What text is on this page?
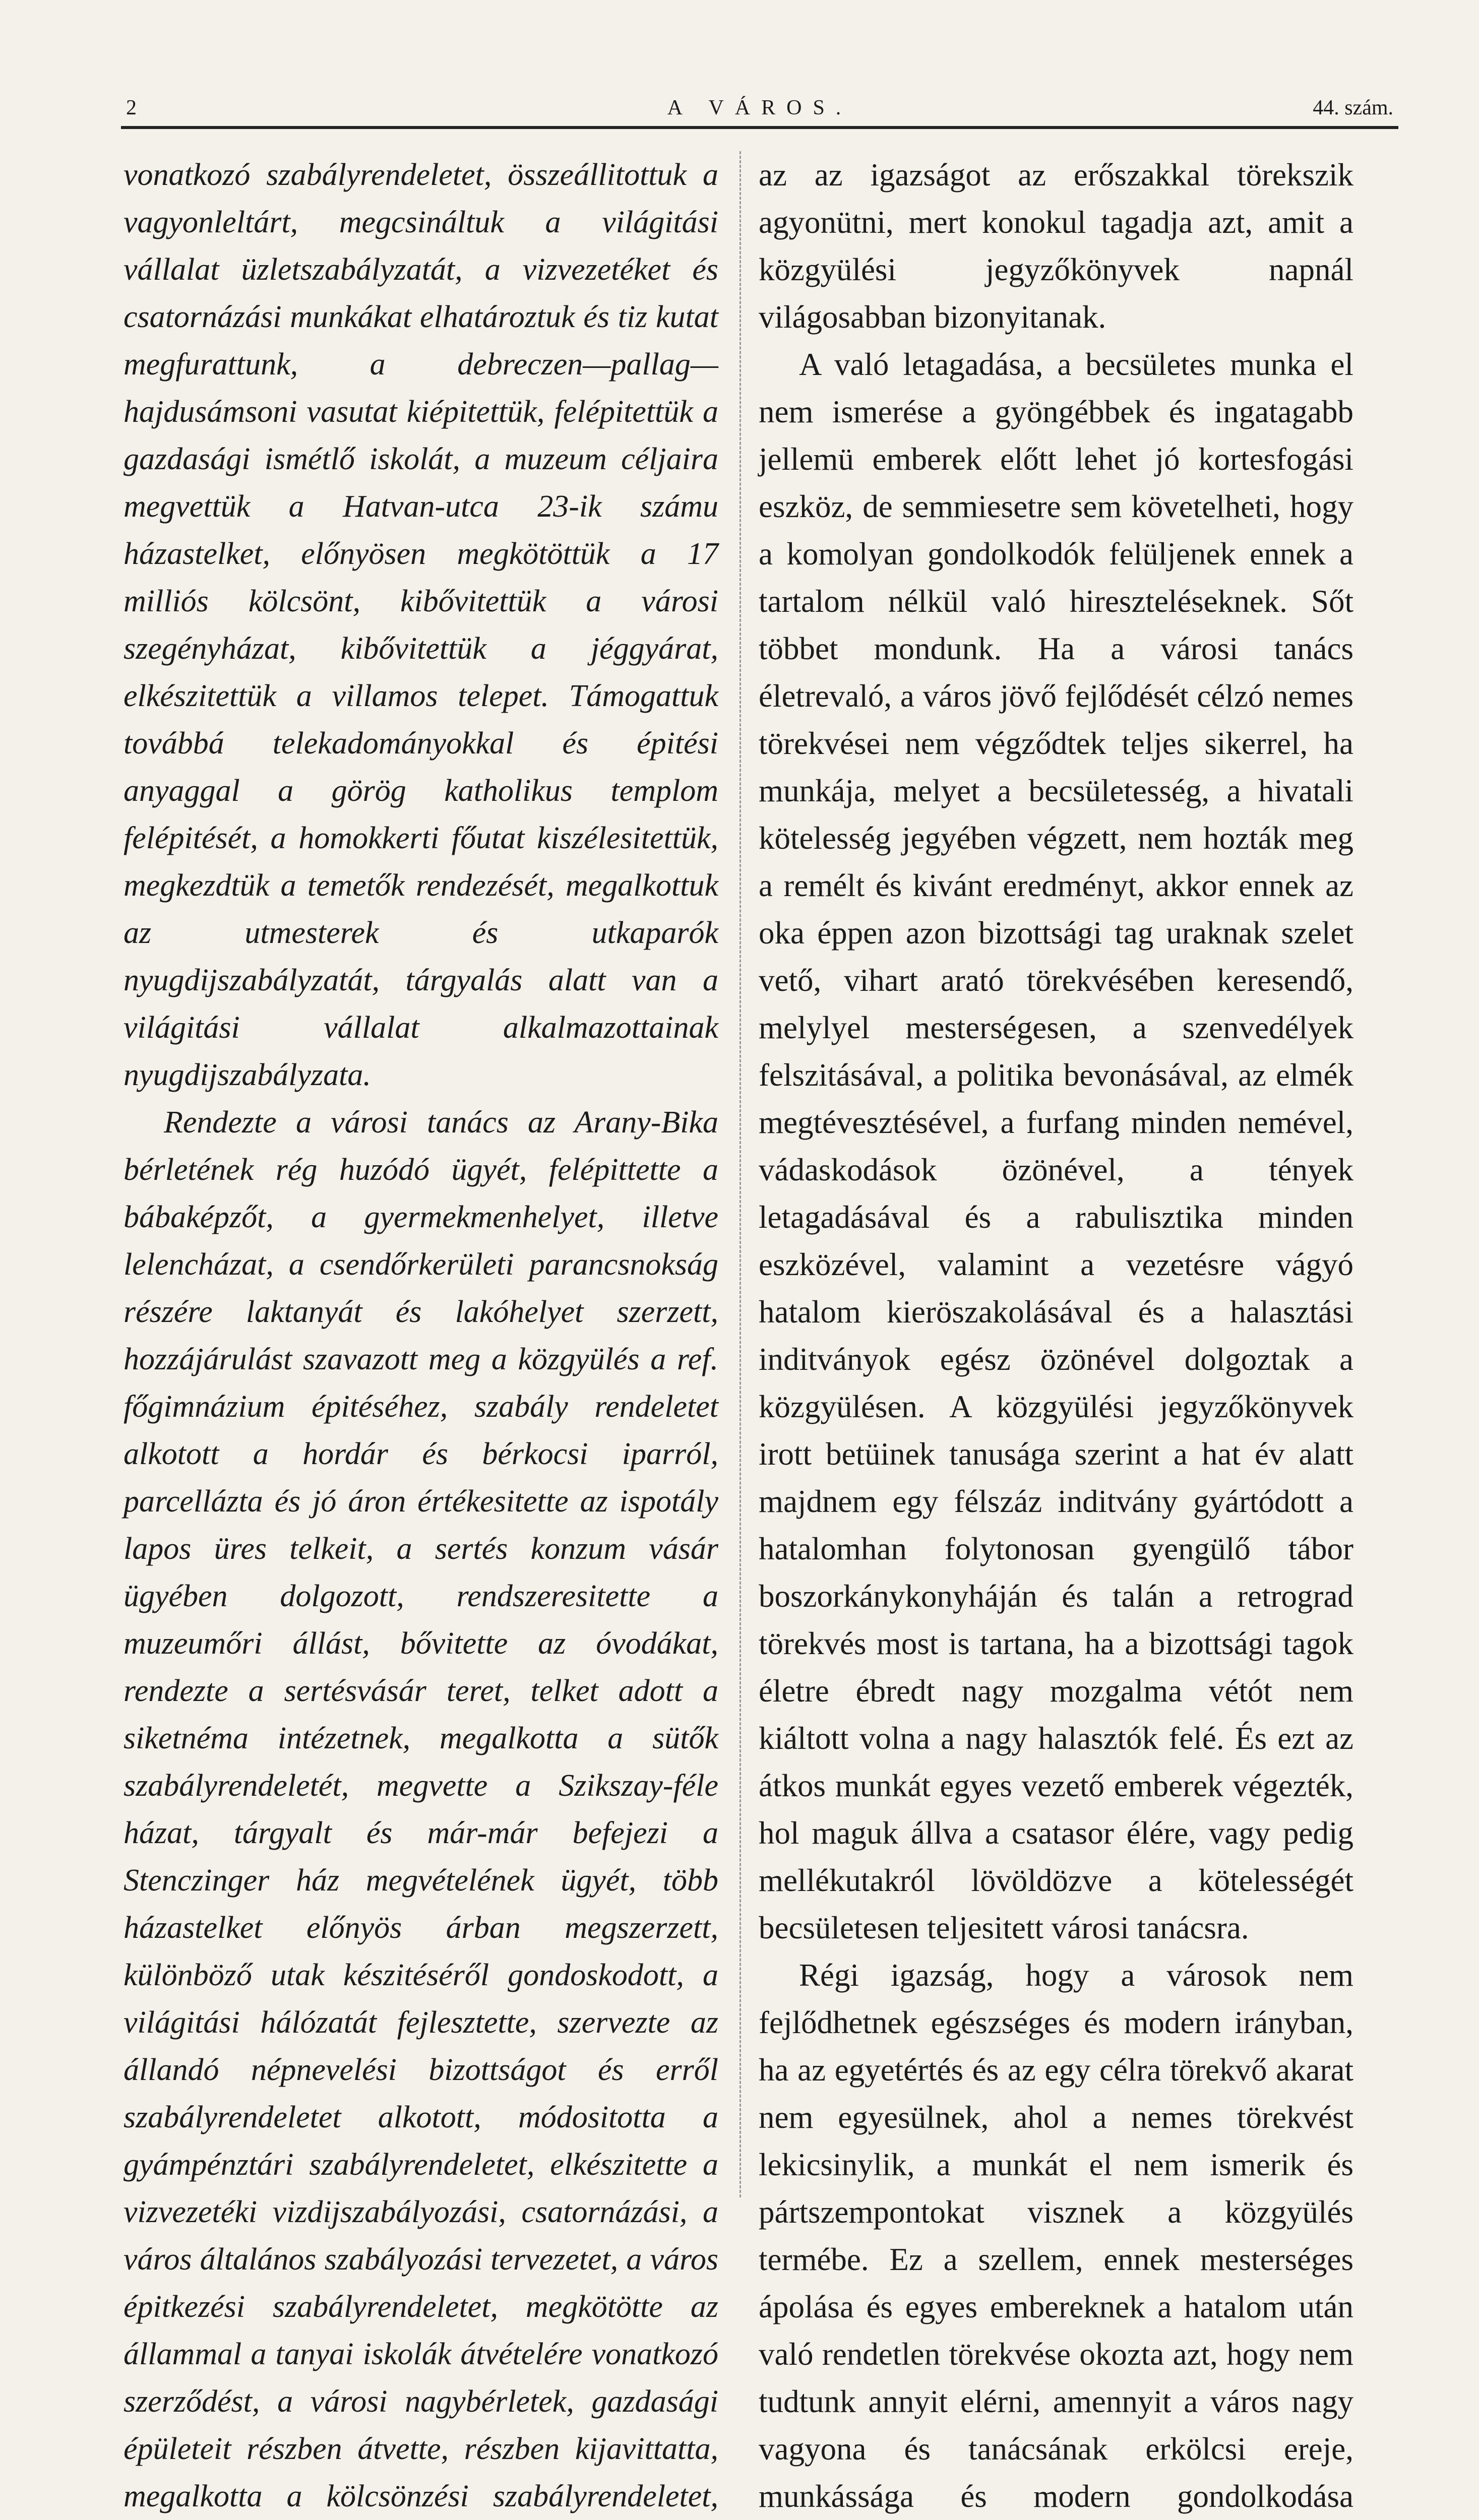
2	A VÁROS.	44. szám.

vonatkozó szabályrendeletet, összeállitottuk a vagyonleltárt, megcsináltuk a világitási vállalat üzletszabályzatát, a vizvezetéket és csatornázási munkákat elhatároztuk és tiz kutat megfurattunk, a debreczen—pallag—hajdusámsoni vasutat kiépitettük, felépitettük a gazdasági ismétlő iskolát, a muzeum céljaira megvettük a Hatvan-utca 23-ik számu házastelket, előnyösen megkötöttük a 17 milliós kölcsönt, kibővitettük a városi szegényházat, kibővitettük a jéggyárat, elkészitettük a villamos telepet. Támogattuk továbbá telekadományokkal és épitési anyaggal a görög katholikus templom felépitését, a homokkerti főutat kiszélesitettük, megkezdtük a temetők rendezését, megalkottuk az utmesterek és utkaparók nyugdijszabályzatát, tárgyalás alatt van a világitási vállalat alkalmazottainak nyugdijszabályzata.

Rendezte a városi tanács az Arany-Bika bérletének rég huzódó ügyét, felépittette a bábaképzőt, a gyermekmenhelyet, illetve lelencházat, a csendőrkerületi parancsnokság részére laktanyát és lakóhelyet szerzett, hozzájárulást szavazott meg a közgyülés a ref. főgimnázium épitéséhez, szabály rendeletet alkotott a hordár és bérkocsi iparról, parcellázta és jó áron értékesitette az ispotály lapos üres telkeit, a sertés konzum vásár ügyében dolgozott, rendszeresitette a muzeumőri állást, bővitette az óvodákat, rendezte a sertésvásár teret, telket adott a siketnéma intézetnek, megalkotta a sütők szabályrendeletét, megvette a Szikszay-féle házat, tárgyalt és már-már befejezi a Stenczinger ház megvételének ügyét, több házastelket előnyös árban megszerzett, különböző utak készitéséről gondoskodott, a világitási hálózatát fejlesztette, szervezte az állandó népnevelési bizottságot és erről szabályrendeletet alkotott, módositotta a gyámpénztári szabályrendeletet, elkészitette a vizvezetéki vizdijszabályozási, csatornázási, a város általános szabályozási tervezetet, a város épitkezési szabályrendeletet, megkötötte az állammal a tanyai iskolák átvételére vonatkozó szerződést, a városi nagybérletek, gazdasági épületeit részben átvette, részben kijavittatta, megalkotta a kölcsönzési szabályrendeletet,

az az igazságot az erőszakkal törekszik agyonütni, mert konokul tagadja azt, amit a közgyülési jegyzőkönyvek napnál világosabban bizonyitanak.

A való letagadása, a becsületes munka el nem ismerése a gyöngébbek és ingatagabb jellemü emberek előtt lehet jó kortesfogási eszköz, de semmiesetre sem követelheti, hogy a komolyan gondolkodók felüljenek ennek a tartalom nélkül való hireszteléseknek. Sőt többet mondunk. Ha a városi tanács életrevaló, a város jövő fejlődését célzó nemes törekvései nem végződtek teljes sikerrel, ha munkája, melyet a becsületesség, a hivatali kötelesség jegyében végzett, nem hozták meg a remélt és kivánt eredményt, akkor ennek az oka éppen azon bizottsági tag uraknak szelet vető, vihart arató törekvésében keresendő, melylyel mesterségesen, a szenvedélyek felszitásával, a politika bevonásával, az elmék megtévesztésével, a furfang minden nemével, vádaskodások özönével, a tények letagadásával és a rabulisztika minden eszközével, valamint a vezetésre vágyó hatalom kieröszakolásával és a halasztási inditványok egész özönével dolgoztak a közgyülésen. A közgyülési jegyzőkönyvek irott betüinek tanusága szerint a hat év alatt majdnem egy félszáz inditvány gyártódott a hatalomhan folytonosan gyengülő tábor boszorkánykonyháján és talán a retrograd törekvés most is tartana, ha a bizottsági tagok életre ébredt nagy mozgalma vétót nem kiáltott volna a nagy halasztók felé. És ezt az átkos munkát egyes vezető emberek végezték, hol maguk állva a csatasor élére, vagy pedig mellékutakról lövöldözve a kötelességét becsületesen teljesitett városi tanácsra.

Régi igazság, hogy a városok nem fejlődhetnek egészséges és modern irányban, ha az egyetértés és az egy célra törekvő akarat nem egyesülnek, ahol a nemes törekvést lekicsinylik, a munkát el nem ismerik és pártszempontokat visznek a közgyülés termébe. Ez a szellem, ennek mesterséges ápolása és egyes embereknek a hatalom után való rendetlen törekvése okozta azt, hogy nem tudtunk annyit elérni, amennyit a város nagy vagyona és tanácsának erkölcsi ereje, munkássága és modern gondolkodása
